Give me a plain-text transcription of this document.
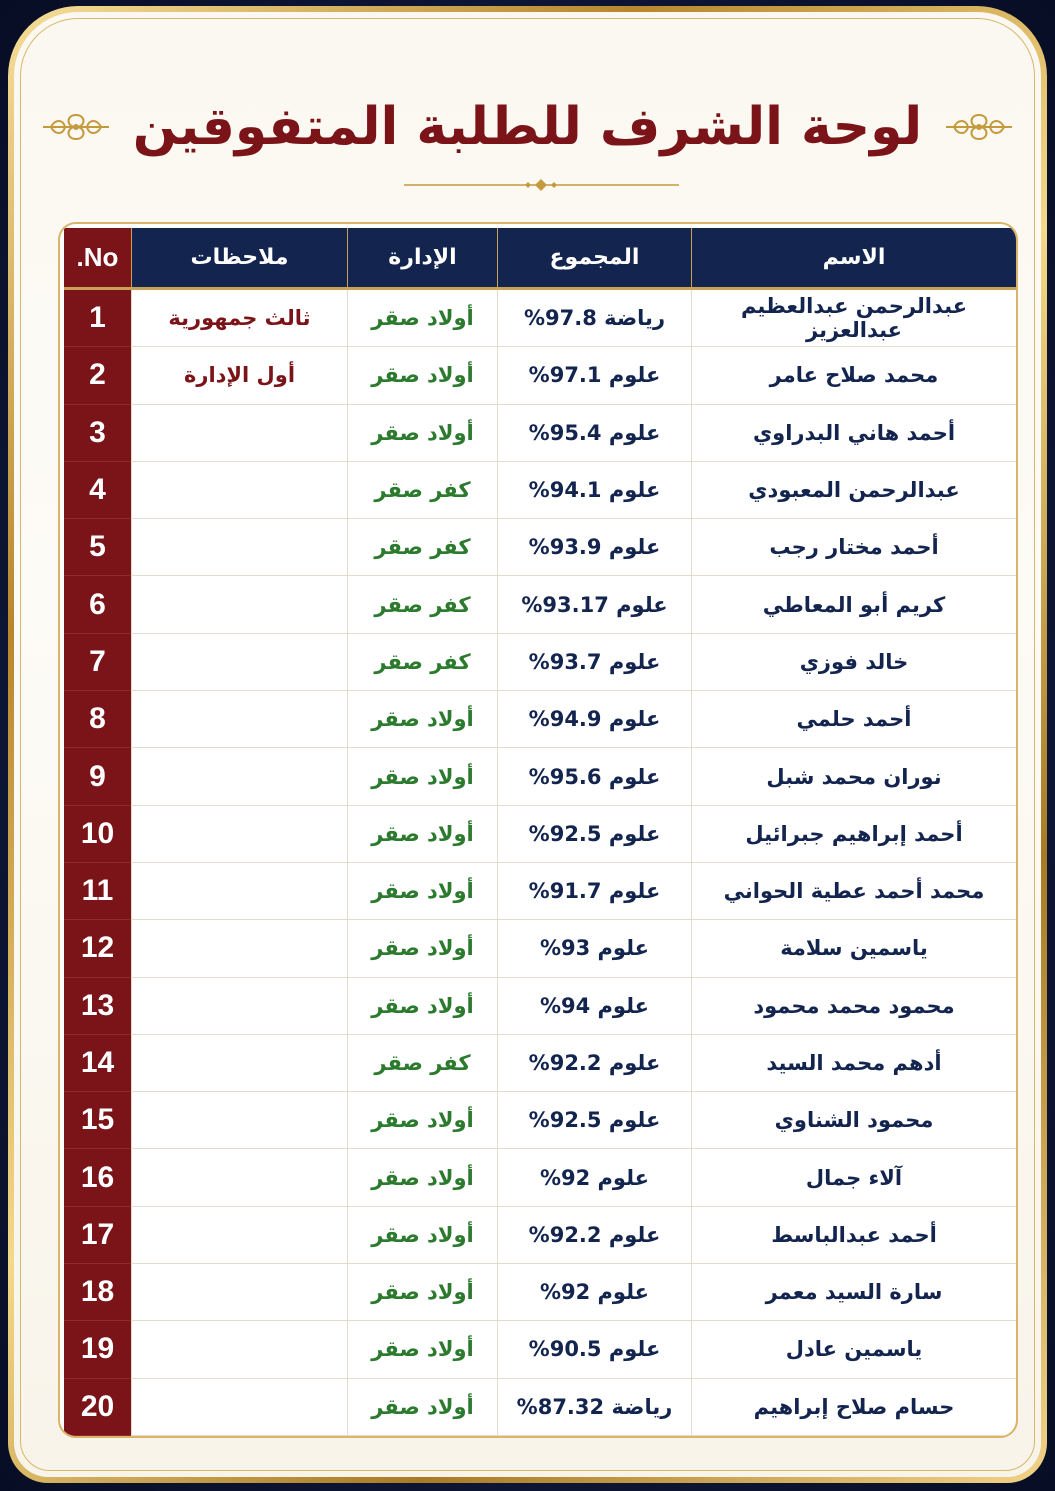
لوحة الشرف للطلبة المتفوقين
الاسم	المجموع	الإدارة	ملاحظات	No.
عبدالرحمن عبدالعظيم عبدالعزيز	رياضة 97.8%	أولاد صقر	ثالث جمهورية	1
محمد صلاح عامر	علوم 97.1%	أولاد صقر	أول الإدارة	2
أحمد هاني البدراوي	علوم 95.4%	أولاد صقر		3
عبدالرحمن المعبودي	علوم 94.1%	كفر صقر		4
أحمد مختار رجب	علوم 93.9%	كفر صقر		5
كريم أبو المعاطي	علوم 93.17%	كفر صقر		6
خالد فوزي	علوم 93.7%	كفر صقر		7
أحمد حلمي	علوم 94.9%	أولاد صقر		8
نوران محمد شبل	علوم 95.6%	أولاد صقر		9
أحمد إبراهيم جبرائيل	علوم 92.5%	أولاد صقر		10
محمد أحمد عطية الحواني	علوم 91.7%	أولاد صقر		11
ياسمين سلامة	علوم 93%	أولاد صقر		12
محمود محمد محمود	علوم 94%	أولاد صقر		13
أدهم محمد السيد	علوم 92.2%	كفر صقر		14
محمود الشناوي	علوم 92.5%	أولاد صقر		15
آلاء جمال	علوم 92%	أولاد صقر		16
أحمد عبدالباسط	علوم 92.2%	أولاد صقر		17
سارة السيد معمر	علوم 92%	أولاد صقر		18
ياسمين عادل	علوم 90.5%	أولاد صقر		19
حسام صلاح إبراهيم	رياضة 87.32%	أولاد صقر		20
